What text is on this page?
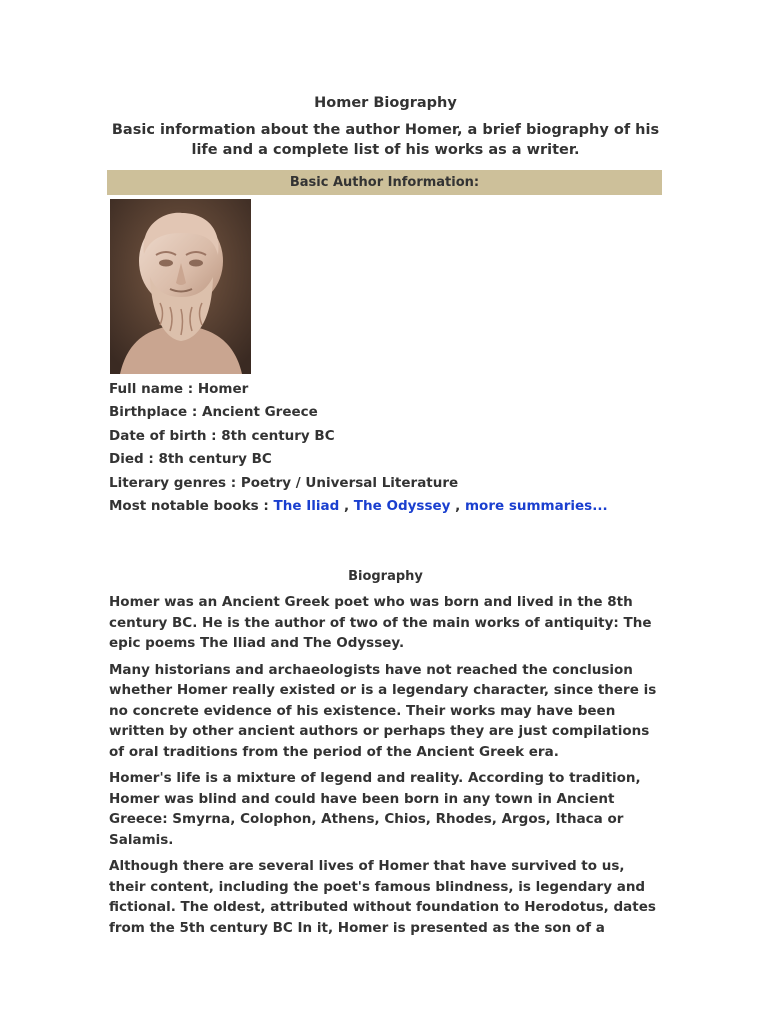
Homer Biography
Basic information about the author Homer, a brief biography of his life and a complete list of his works as a writer.
Basic Author Information:
Full name : Homer
Birthplace : Ancient Greece
Date of birth : 8th century BC
Died : 8th century BC
Literary genres : Poetry / Universal Literature
Most notable books : The Iliad , The Odyssey , more summaries...
Biography

Homer was an Ancient Greek poet who was born and lived in the 8th century BC. He is the author of two of the main works of antiquity: The epic poems The Iliad and The Odyssey.

Many historians and archaeologists have not reached the conclusion whether Homer really existed or is a legendary character, since there is no concrete evidence of his existence. Their works may have been written by other ancient authors or perhaps they are just compilations of oral traditions from the period of the Ancient Greek era.

Homer's life is a mixture of legend and reality. According to tradition, Homer was blind and could have been born in any town in Ancient Greece: Smyrna, Colophon, Athens, Chios, Rhodes, Argos, Ithaca or Salamis.

Although there are several lives of Homer that have survived to us, their content, including the poet's famous blindness, is legendary and fictional. The oldest, attributed without foundation to Herodotus, dates from the 5th century BC In it, Homer is presented as the son of a
